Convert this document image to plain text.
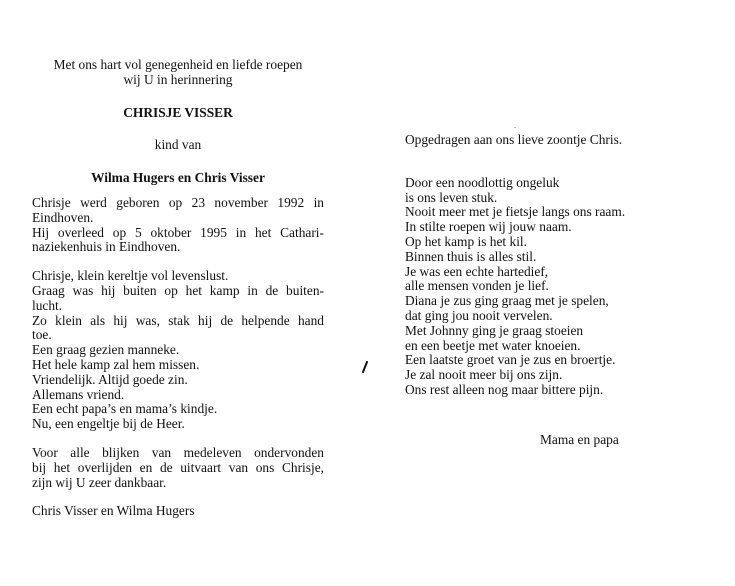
Met ons hart vol genegenheid en liefde roepen
wij U in herinnering
CHRISJE VISSER
kind van
Wilma Hugers en Chris Visser
Chrisje werd geboren op 23 november 1992 in
Eindhoven.
Hij overleed op 5 oktober 1995 in het Cathari-
naziekenhuis in Eindhoven.
Chrisje, klein kereltje vol levenslust.
Graag was hij buiten op het kamp in de buiten-
lucht.
Zo klein als hij was, stak hij de helpende hand
toe.
Een graag gezien manneke.
Het hele kamp zal hem missen.
Vriendelijk. Altijd goede zin.
Allemans vriend.
Een echt papa’s en mama’s kindje.
Nu, een engeltje bij de Heer.
Voor alle blijken van medeleven ondervonden
bij het overlijden en de uitvaart van ons Chrisje,
zijn wij U zeer dankbaar.
Chris Visser en Wilma Hugers
Opgedragen aan ons lieve zoontje Chris.
Door een noodlottig ongeluk
is ons leven stuk.
Nooit meer met je fietsje langs ons raam.
In stilte roepen wij jouw naam.
Op het kamp is het kil.
Binnen thuis is alles stil.
Je was een echte hartedief,
alle mensen vonden je lief.
Diana je zus ging graag met je spelen,
dat ging jou nooit vervelen.
Met Johnny ging je graag stoeien
en een beetje met water knoeien.
Een laatste groet van je zus en broertje.
Je zal nooit meer bij ons zijn.
Ons rest alleen nog maar bittere pijn.
Mama en papa
